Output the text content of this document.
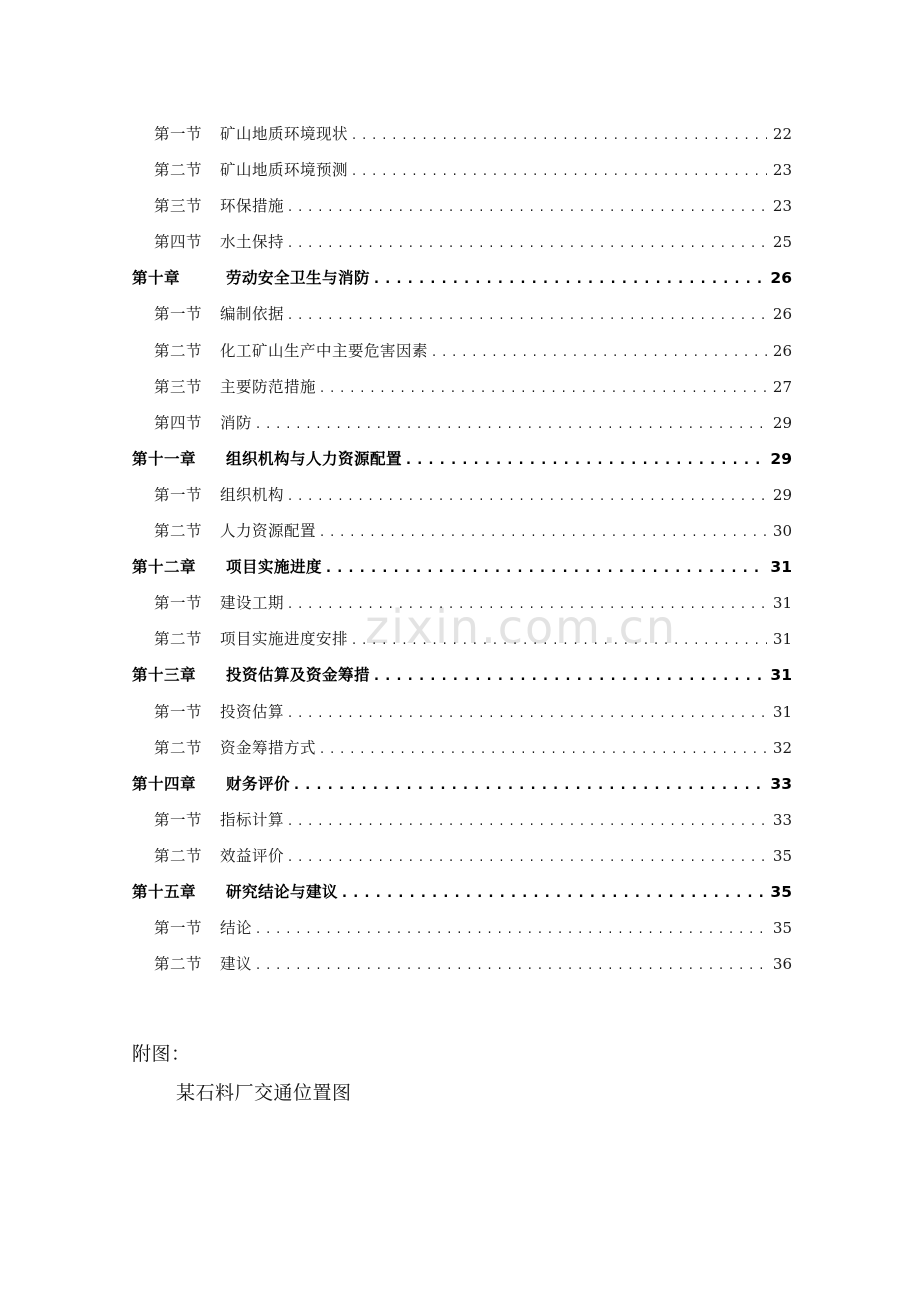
zixin.com.cn
第一节	矿山地质环境现状 . . .	22
第二节	矿山地质环境预测 . . .	23
第三节	环保措施 . . .	23
第四节	水土保持 . . .	25
第十章	劳动安全卫生与消防 . . .	26
第一节	编制依据 . . .	26
第二节	化工矿山生产中主要危害因素 . . .	26
第三节	主要防范措施 . . .	27
第四节	消防 . . .	29
第十一章	组织机构与人力资源配置 . . .	29
第一节	组织机构 . . .	29
第二节	人力资源配置 . . .	30
第十二章	项目实施进度 . . .	31
第一节	建设工期 . . .	31
第二节	项目实施进度安排 . . .	31
第十三章	投资估算及资金筹措 . . .	31
第一节	投资估算 . . .	31
第二节	资金筹措方式 . . .	32
第十四章	财务评价 . . .	33
第一节	指标计算 . . .	33
第二节	效益评价 . . .	35
第十五章	研究结论与建议 . . .	35
第一节	结论 . . .	35
第二节	建议 . . .	36
附图：
某石料厂交通位置图
